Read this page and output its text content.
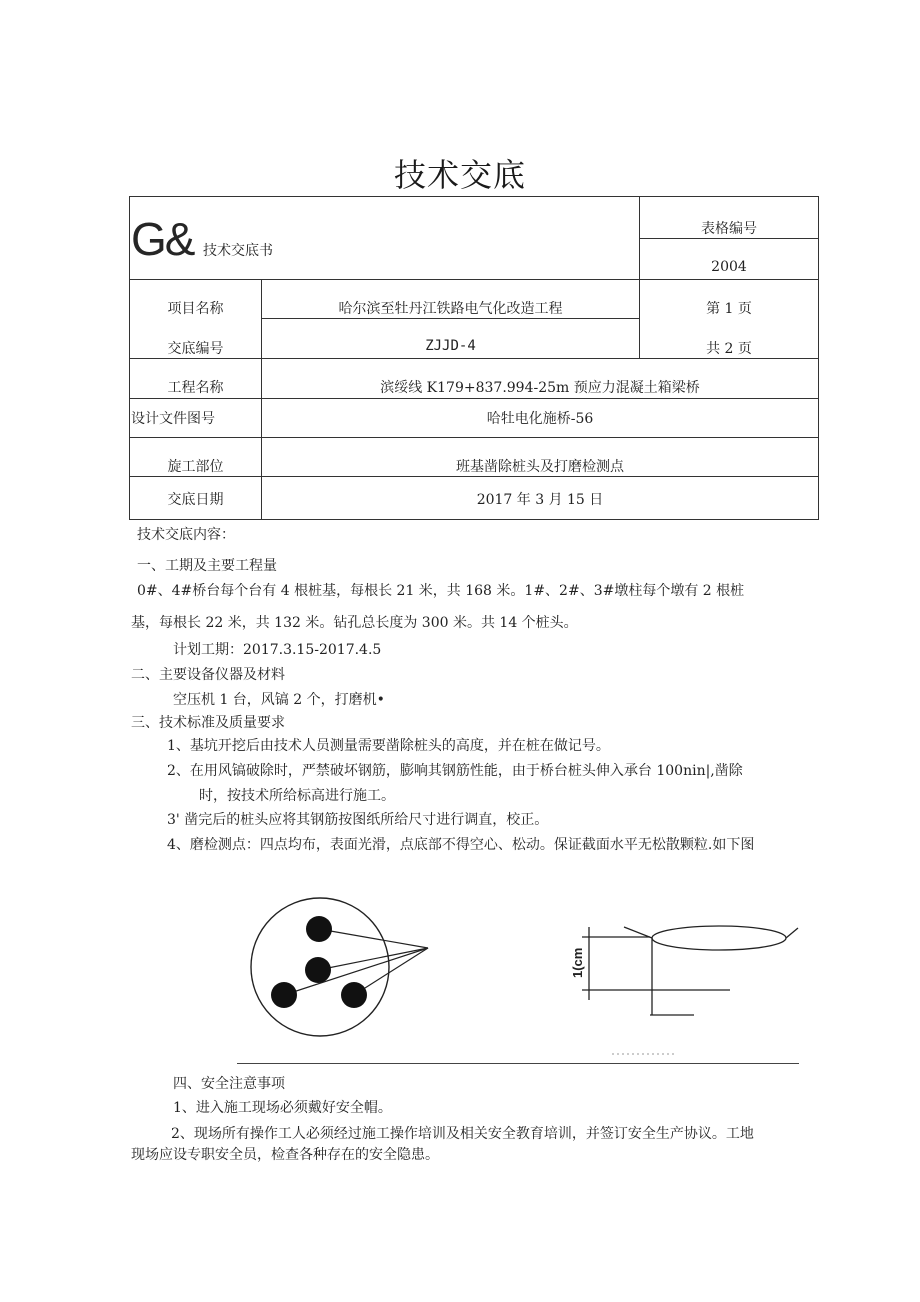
技术交底
G& 技术交底书
表格编号
2004
项目名称
交底编号
工程名称
设计文件图号
旋工部位
交底日期
哈尔滨至牡丹江铁路电气化改造工程
ZJJD-4
滨绥线 K179+837.994-25m 预应力混凝土箱梁桥
哈牡电化施桥-56
班基凿除桩头及打磨检测点
2017 年 3 月 15 日
第 1 页
共 2 页
技术交底内容：
一、工期及主要工程量
0#、4#桥台每个台有 4 根桩基，每根长 21 米，共 168 米。1#、2#、3#墩柱每个墩有 2 根桩
基，每根长 22 米，共 132 米。钻孔总长度为 300 米。共 14 个桩头。
计划工期：2017.3.15-2017.4.5
二、主要设备仪器及材料
空压机 1 台，风镐 2 个，打磨机•
三、技术标准及质量要求
1、基坑开挖后由技术人员测量需要凿除桩头的高度，并在桩在做记号。
2、在用风镐破除时，严禁破坏钢筋，膨响其钢筋性能，由于桥台桩头伸入承台 100nin|,凿除
时，按技术所给标高进行施工。
3' 凿完后的桩头应将其钢筋按图纸所给尺寸进行调直，校正。
4、磨检测点：四点均布，表面光滑，点底部不得空心、松动。保证截面水平无松散颗粒.如下图
1(cm
四、安全注意事项
1、进入施工现场必须戴好安全帽。
2、现场所有操作工人必须经过施工操作培训及相关安全教育培训，并签订安全生产协议。工地
现场应设专职安全员，检查各种存在的安全隐患。
